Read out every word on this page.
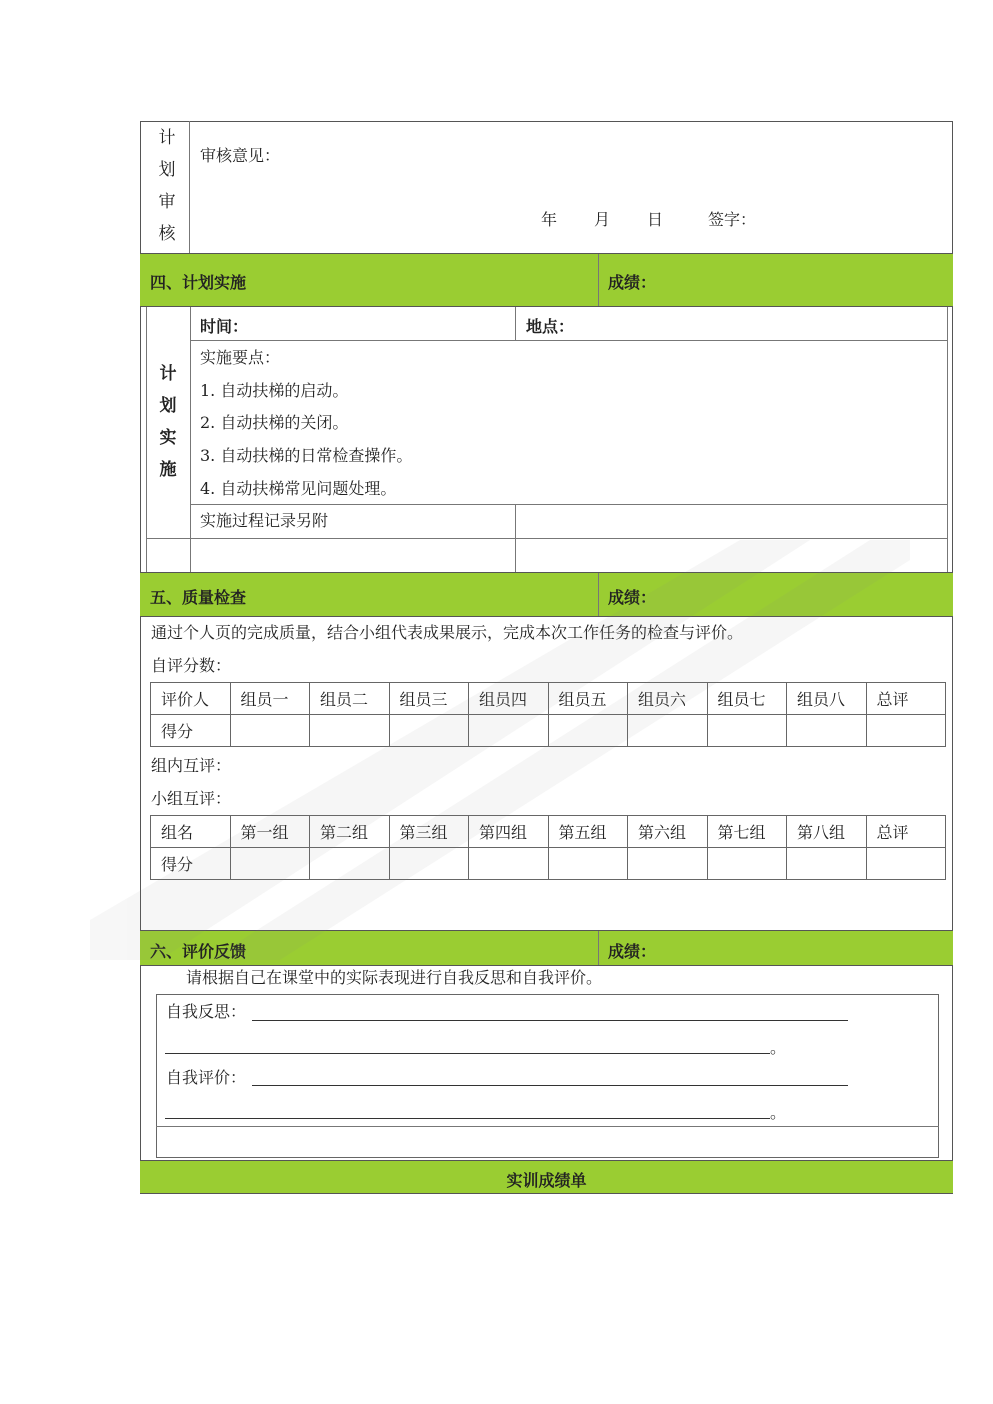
计
划
审
核
审核意见：
年 月 日	签字：
四、计划实施	成绩：
计
划
实
施
时间：	地点：
实施要点：
1. 自动扶梯的启动。
2. 自动扶梯的关闭。
3. 自动扶梯的日常检查操作。
4. 自动扶梯常见问题处理。
实施过程记录另附
五、质量检查	成绩：
通过个人页的完成质量，结合小组代表成果展示，完成本次工作任务的检查与评价。
自评分数：
评价人	组员一	组员二	组员三	组员四	组员五	组员六	组员七	组员八	总评
得分									
组内互评：
小组互评：
组名	第一组	第二组	第三组	第四组	第五组	第六组	第七组	第八组	总评
得分									
六、评价反馈	成绩：
请根据自己在课堂中的实际表现进行自我反思和自我评价。
自我反思：
。
自我评价：
。
实训成绩单
